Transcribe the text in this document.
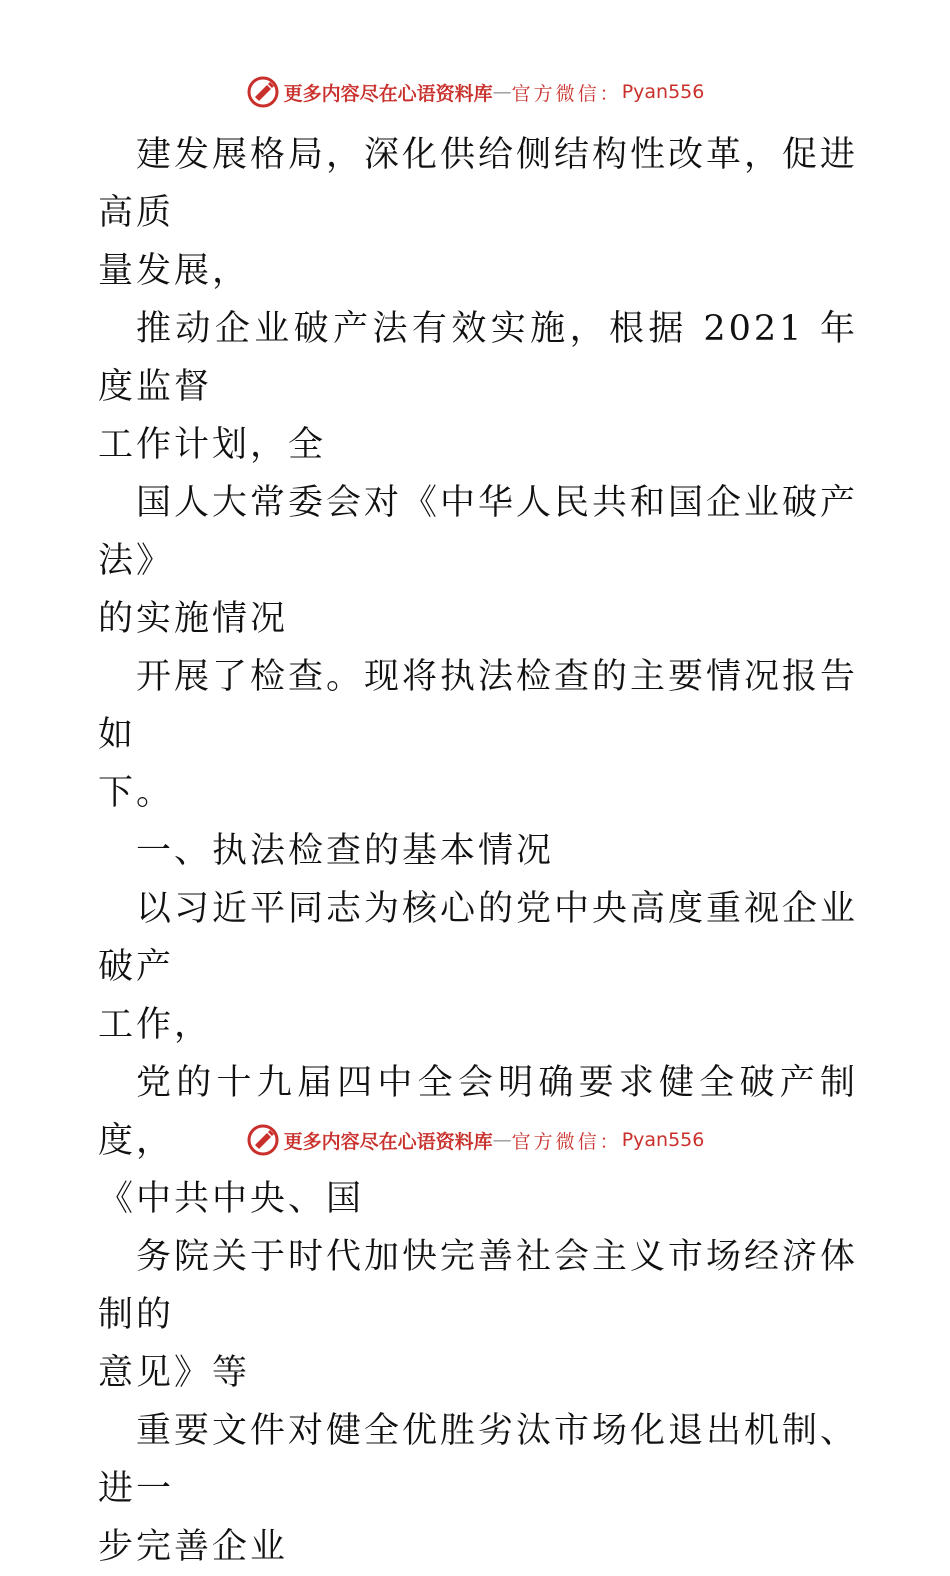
更多内容尽在心语资料库 — 官方微信： Pyan556

建发展格局，深化供给侧结构性改革，促进高质
量发展，

推动企业破产法有效实施，根据 2021 年度监督
工作计划，全

国人大常委会对《中华人民共和国企业破产法》
的实施情况

开展了检查。现将执法检查的主要情况报告如
下。

一、执法检查的基本情况

以习近平同志为核心的党中央高度重视企业破产
工作，

党的十九届四中全会明确要求健全破产制度，
《中共中央、国

务院关于时代加快完善社会主义市场经济体制的
意见》等

重要文件对健全优胜劣汰市场化退出机制、进一
步完善企业

更多内容尽在心语资料库 — 官方微信： Pyan556
